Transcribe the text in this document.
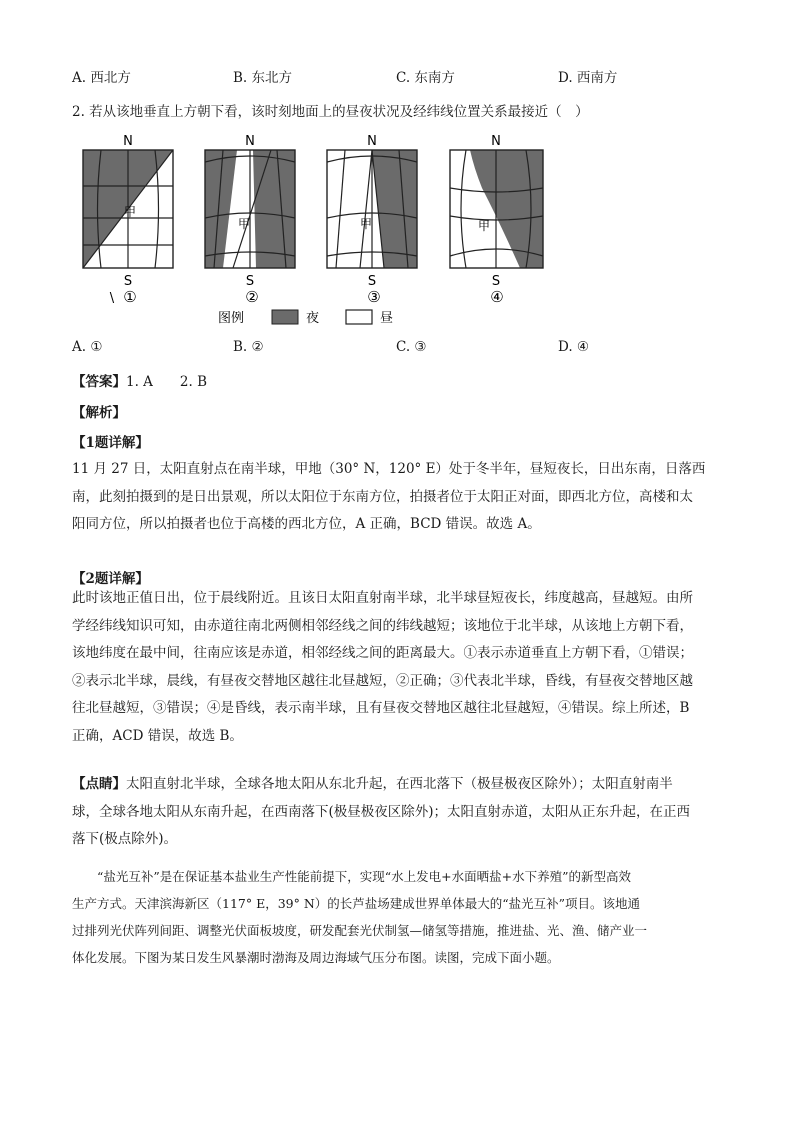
A. 西北方	B. 东北方	C. 东南方	D. 西南方
2. 若从该地垂直上方朝下看，该时刻地面上的昼夜状况及经纬线位置关系最接近（　）
N
甲
S
\ ①
N
甲
S
②
N
甲
S
③
N
甲
S
④
图例	夜	昼
A. ①	B. ②	C. ③	D. ④
【答案】1. A　　2. B
【解析】
【1题详解】
11 月 27 日，太阳直射点在南半球，甲地（30° N，120° E）处于冬半年，昼短夜长，日出东南，日落西
南，此刻拍摄到的是日出景观，所以太阳位于东南方位，拍摄者位于太阳正对面，即西北方位，高楼和太
阳同方位，所以拍摄者也位于高楼的西北方位，A 正确，BCD 错误。故选 A。
【2题详解】
此时该地正值日出，位于晨线附近。且该日太阳直射南半球，北半球昼短夜长，纬度越高，昼越短。由所
学经纬线知识可知，由赤道往南北两侧相邻经线之间的纬线越短；该地位于北半球，从该地上方朝下看，
该地纬度在最中间，往南应该是赤道，相邻经线之间的距离最大。①表示赤道垂直上方朝下看，①错误；
②表示北半球，晨线，有昼夜交替地区越往北昼越短，②正确；③代表北半球，昏线，有昼夜交替地区越
往北昼越短，③错误；④是昏线，表示南半球，且有昼夜交替地区越往北昼越短，④错误。综上所述，B
正确，ACD 错误，故选 B。
【点睛】太阳直射北半球，全球各地太阳从东北升起，在西北落下（极昼极夜区除外）；太阳直射南半
球，全球各地太阳从东南升起，在西南落下(极昼极夜区除外)；太阳直射赤道，太阳从正东升起，在正西
落下(极点除外)。
　　“盐光互补”是在保证基本盐业生产性能前提下，实现“水上发电+水面晒盐+水下养殖”的新型高效
生产方式。天津滨海新区（117° E，39° N）的长芦盐场建成世界单体最大的“盐光互补”项目。该地通
过排列光伏阵列间距、调整光伏面板坡度，研发配套光伏制氢—储氢等措施，推进盐、光、渔、储产业一
体化发展。下图为某日发生风暴潮时渤海及周边海域气压分布图。读图，完成下面小题。
